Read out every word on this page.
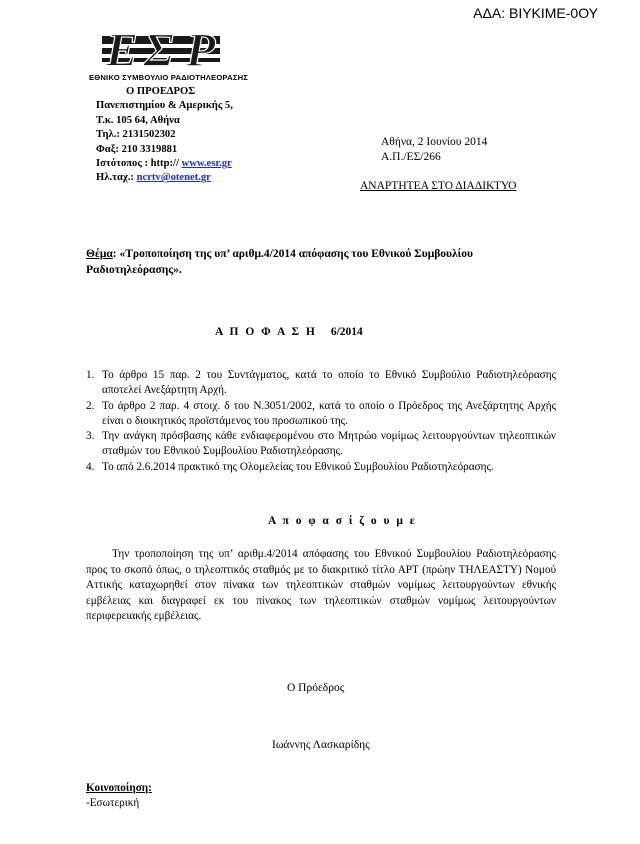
ΑΔΑ: ΒΙΥΚΙΜΕ-0ΟΥ
Ε Σ Ρ
ΕΘΝΙΚΟ ΣΥΜΒΟΥΛΙΟ ΡΑΔΙΟΤΗΛΕΟΡΑΣΗΣ
Ο ΠΡΟΕΔΡΟΣ
Πανεπιστημίου & Αμερικής 5,
Τ.κ. 105 64, Αθήνα
Τηλ.: 2131502302
Φαξ: 210 3319881
Ιστότοπος : http:// www.esr.gr
Ηλ.ταχ.: ncrtv@otenet.gr
Αθήνα, 2 Ιουνίου 2014
Α.Π./ΕΣ/266
ΑΝΑΡΤΗΤΕΑ ΣΤΟ ΔΙΑΔΙΚΤΥΟ
Θέμα: «Τροποποίηση της υπ’ αριθμ.4/2014 απόφασης του Εθνικού Συμβουλίου Ραδιοτηλεόρασης».
Α Π Ο Φ Α Σ Η 6/2014
1. Το άρθρο 15 παρ. 2 του Συντάγματος, κατά το οποίο το Εθνικό Συμβούλιο Ραδιοτηλεόρασης αποτελεί Ανεξάρτητη Αρχή.
2. Το άρθρο 2 παρ. 4 στοιχ. δ του Ν.3051/2002, κατά το οποίο ο Πρόεδρος της Ανεξάρτητης Αρχής είναι ο διοικητικός προϊστάμενος του προσωπικού της.
3. Την ανάγκη πρόσβασης κάθε ενδιαφερομένου στο Μητρώο νομίμως λειτουργούντων τηλεοπτικών σταθμών του Εθνικού Συμβουλίου Ραδιοτηλεόρασης.
4. Το από 2.6.2014 πρακτικό της Ολομελείας του Εθνικού Συμβουλίου Ραδιοτηλεόρασης.
Α π ο φ α σ ί ζ ο υ μ ε
Την τροποποίηση της υπ’ αριθμ.4/2014 απόφασης του Εθνικού Συμβουλίου Ραδιοτηλεόρασης προς το σκοπό όπως, ο τηλεοπτικός σταθμός με το διακριτικό τίτλο ΑΡΤ (πρώην ΤΗΛΕΑΣΤΥ) Νομού Αττικής καταχωρηθεί στον πίνακα των τηλεοπτικών σταθμών νομίμως λειτουργούντων εθνικής εμβέλειας και διαγραφεί εκ του πίνακος των τηλεοπτικών σταθμών νομίμως λειτουργούντων περιφερειακής εμβέλειας.
Ο Πρόεδρος
Ιωάννης Λασκαρίδης
Κοινοποίηση:
-Εσωτερική
